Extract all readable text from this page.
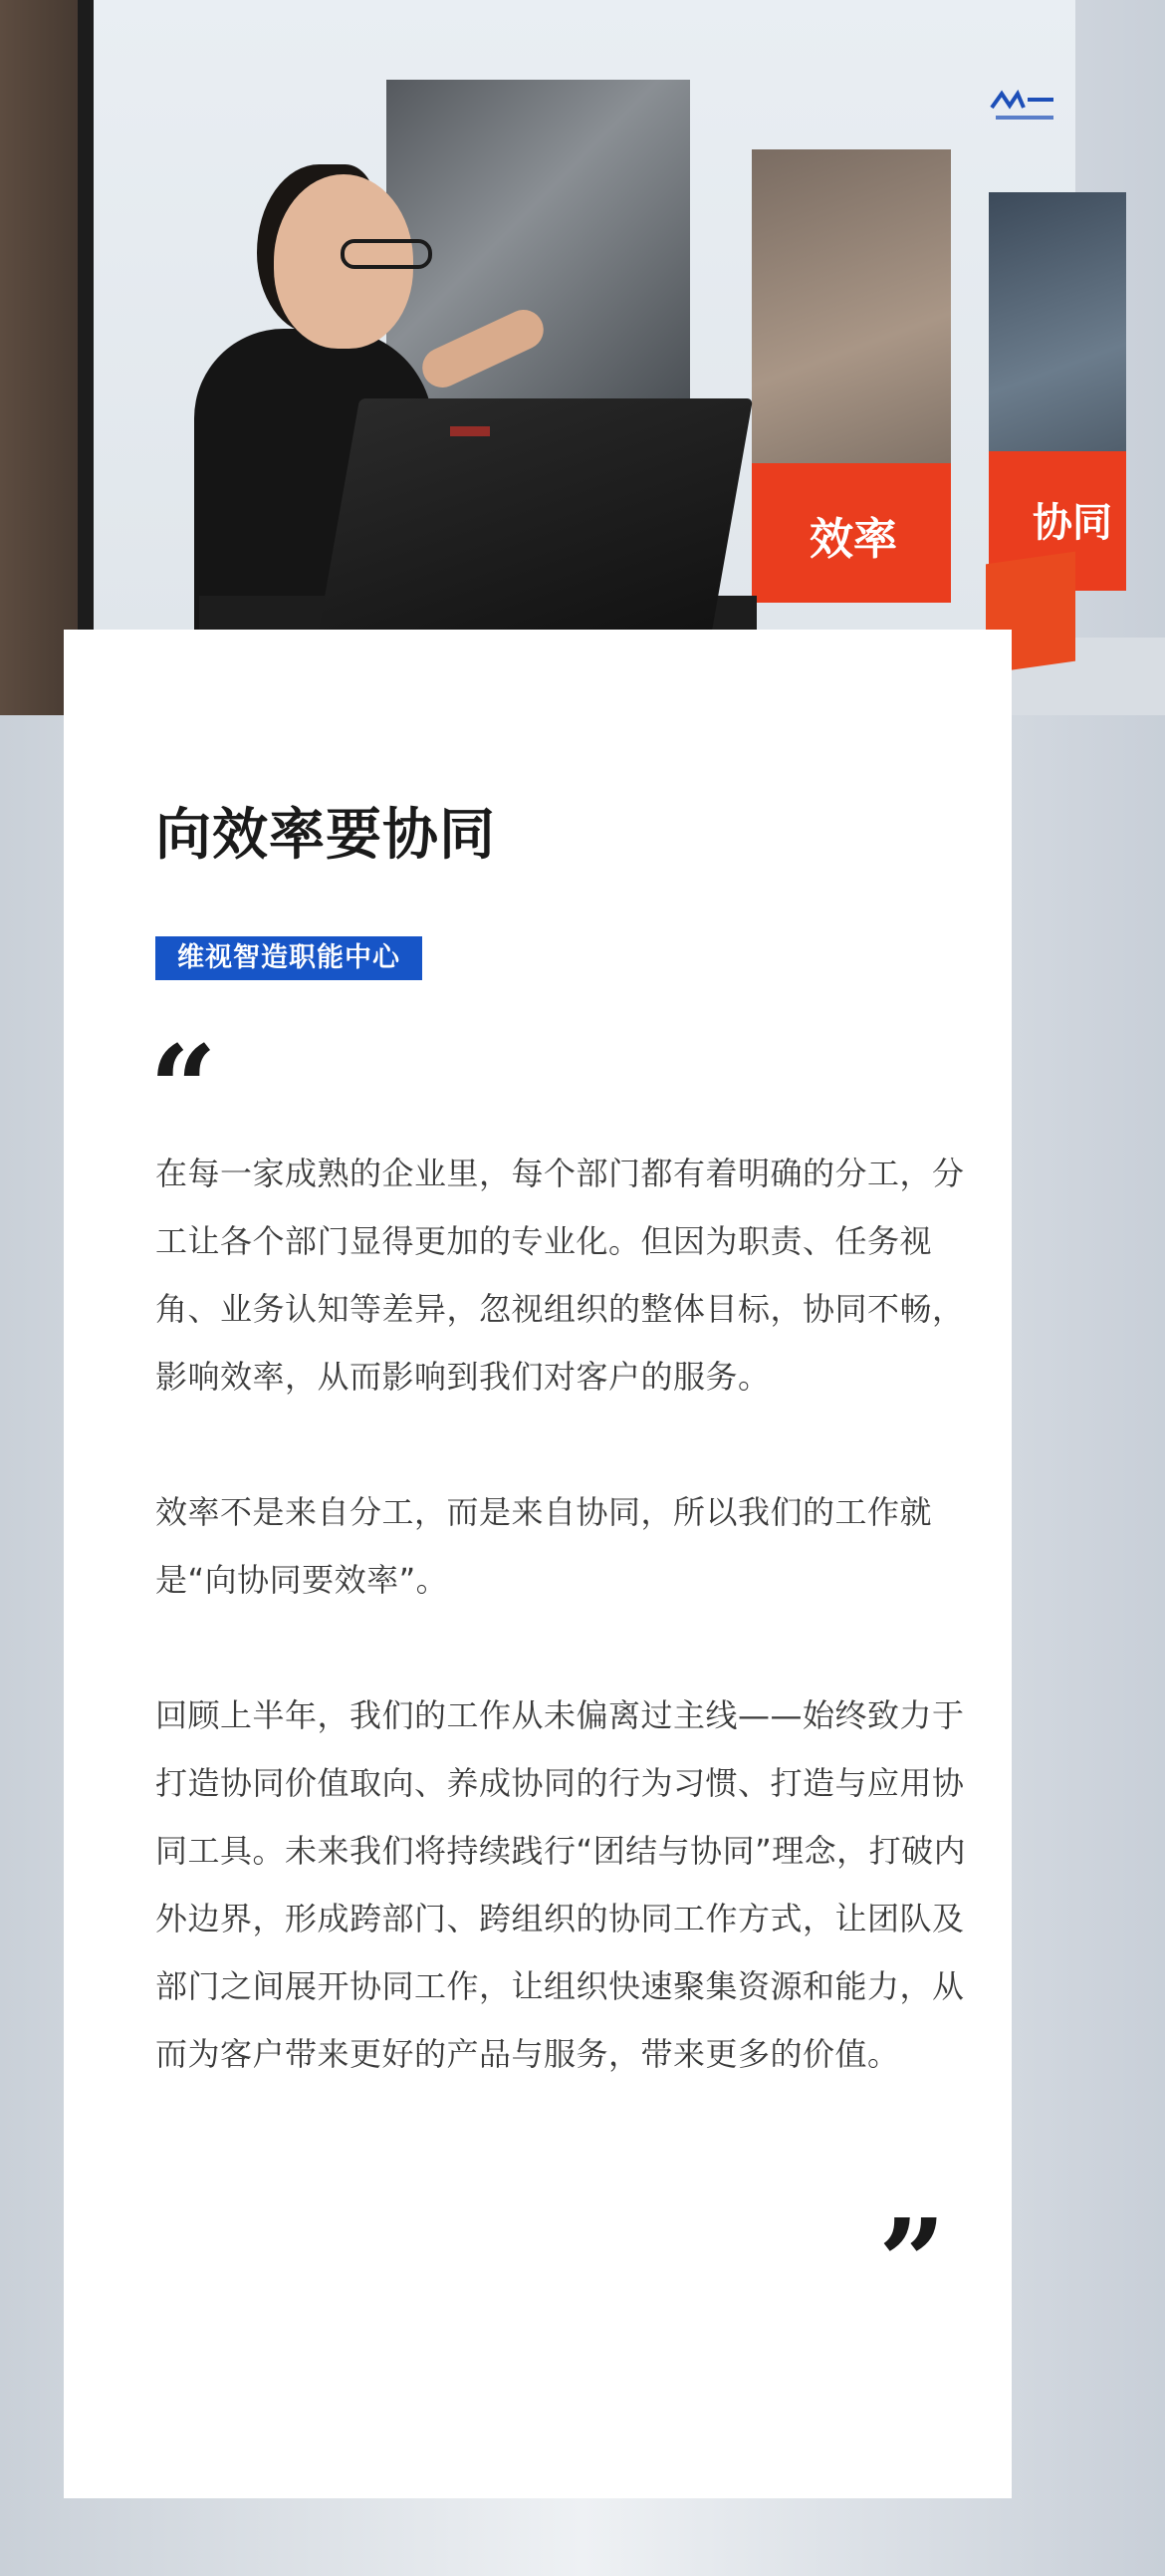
效率	协同
向效率要协同
维视智造职能中心
“

在每一家成熟的企业里，每个部门都有着明确的分工，分工让各个部门显得更加的专业化。但因为职责、任务视角、业务认知等差异，忽视组织的整体目标，协同不畅，影响效率，从而影响到我们对客户的服务。

效率不是来自分工，而是来自协同，所以我们的工作就是“向协同要效率”。

回顾上半年，我们的工作从未偏离过主线——始终致力于打造协同价值取向、养成协同的行为习惯、打造与应用协同工具。未来我们将持续践行“团结与协同”理念，打破内外边界，形成跨部门、跨组织的协同工作方式，让团队及部门之间展开协同工作，让组织快速聚集资源和能力，从而为客户带来更好的产品与服务，带来更多的价值。

”
